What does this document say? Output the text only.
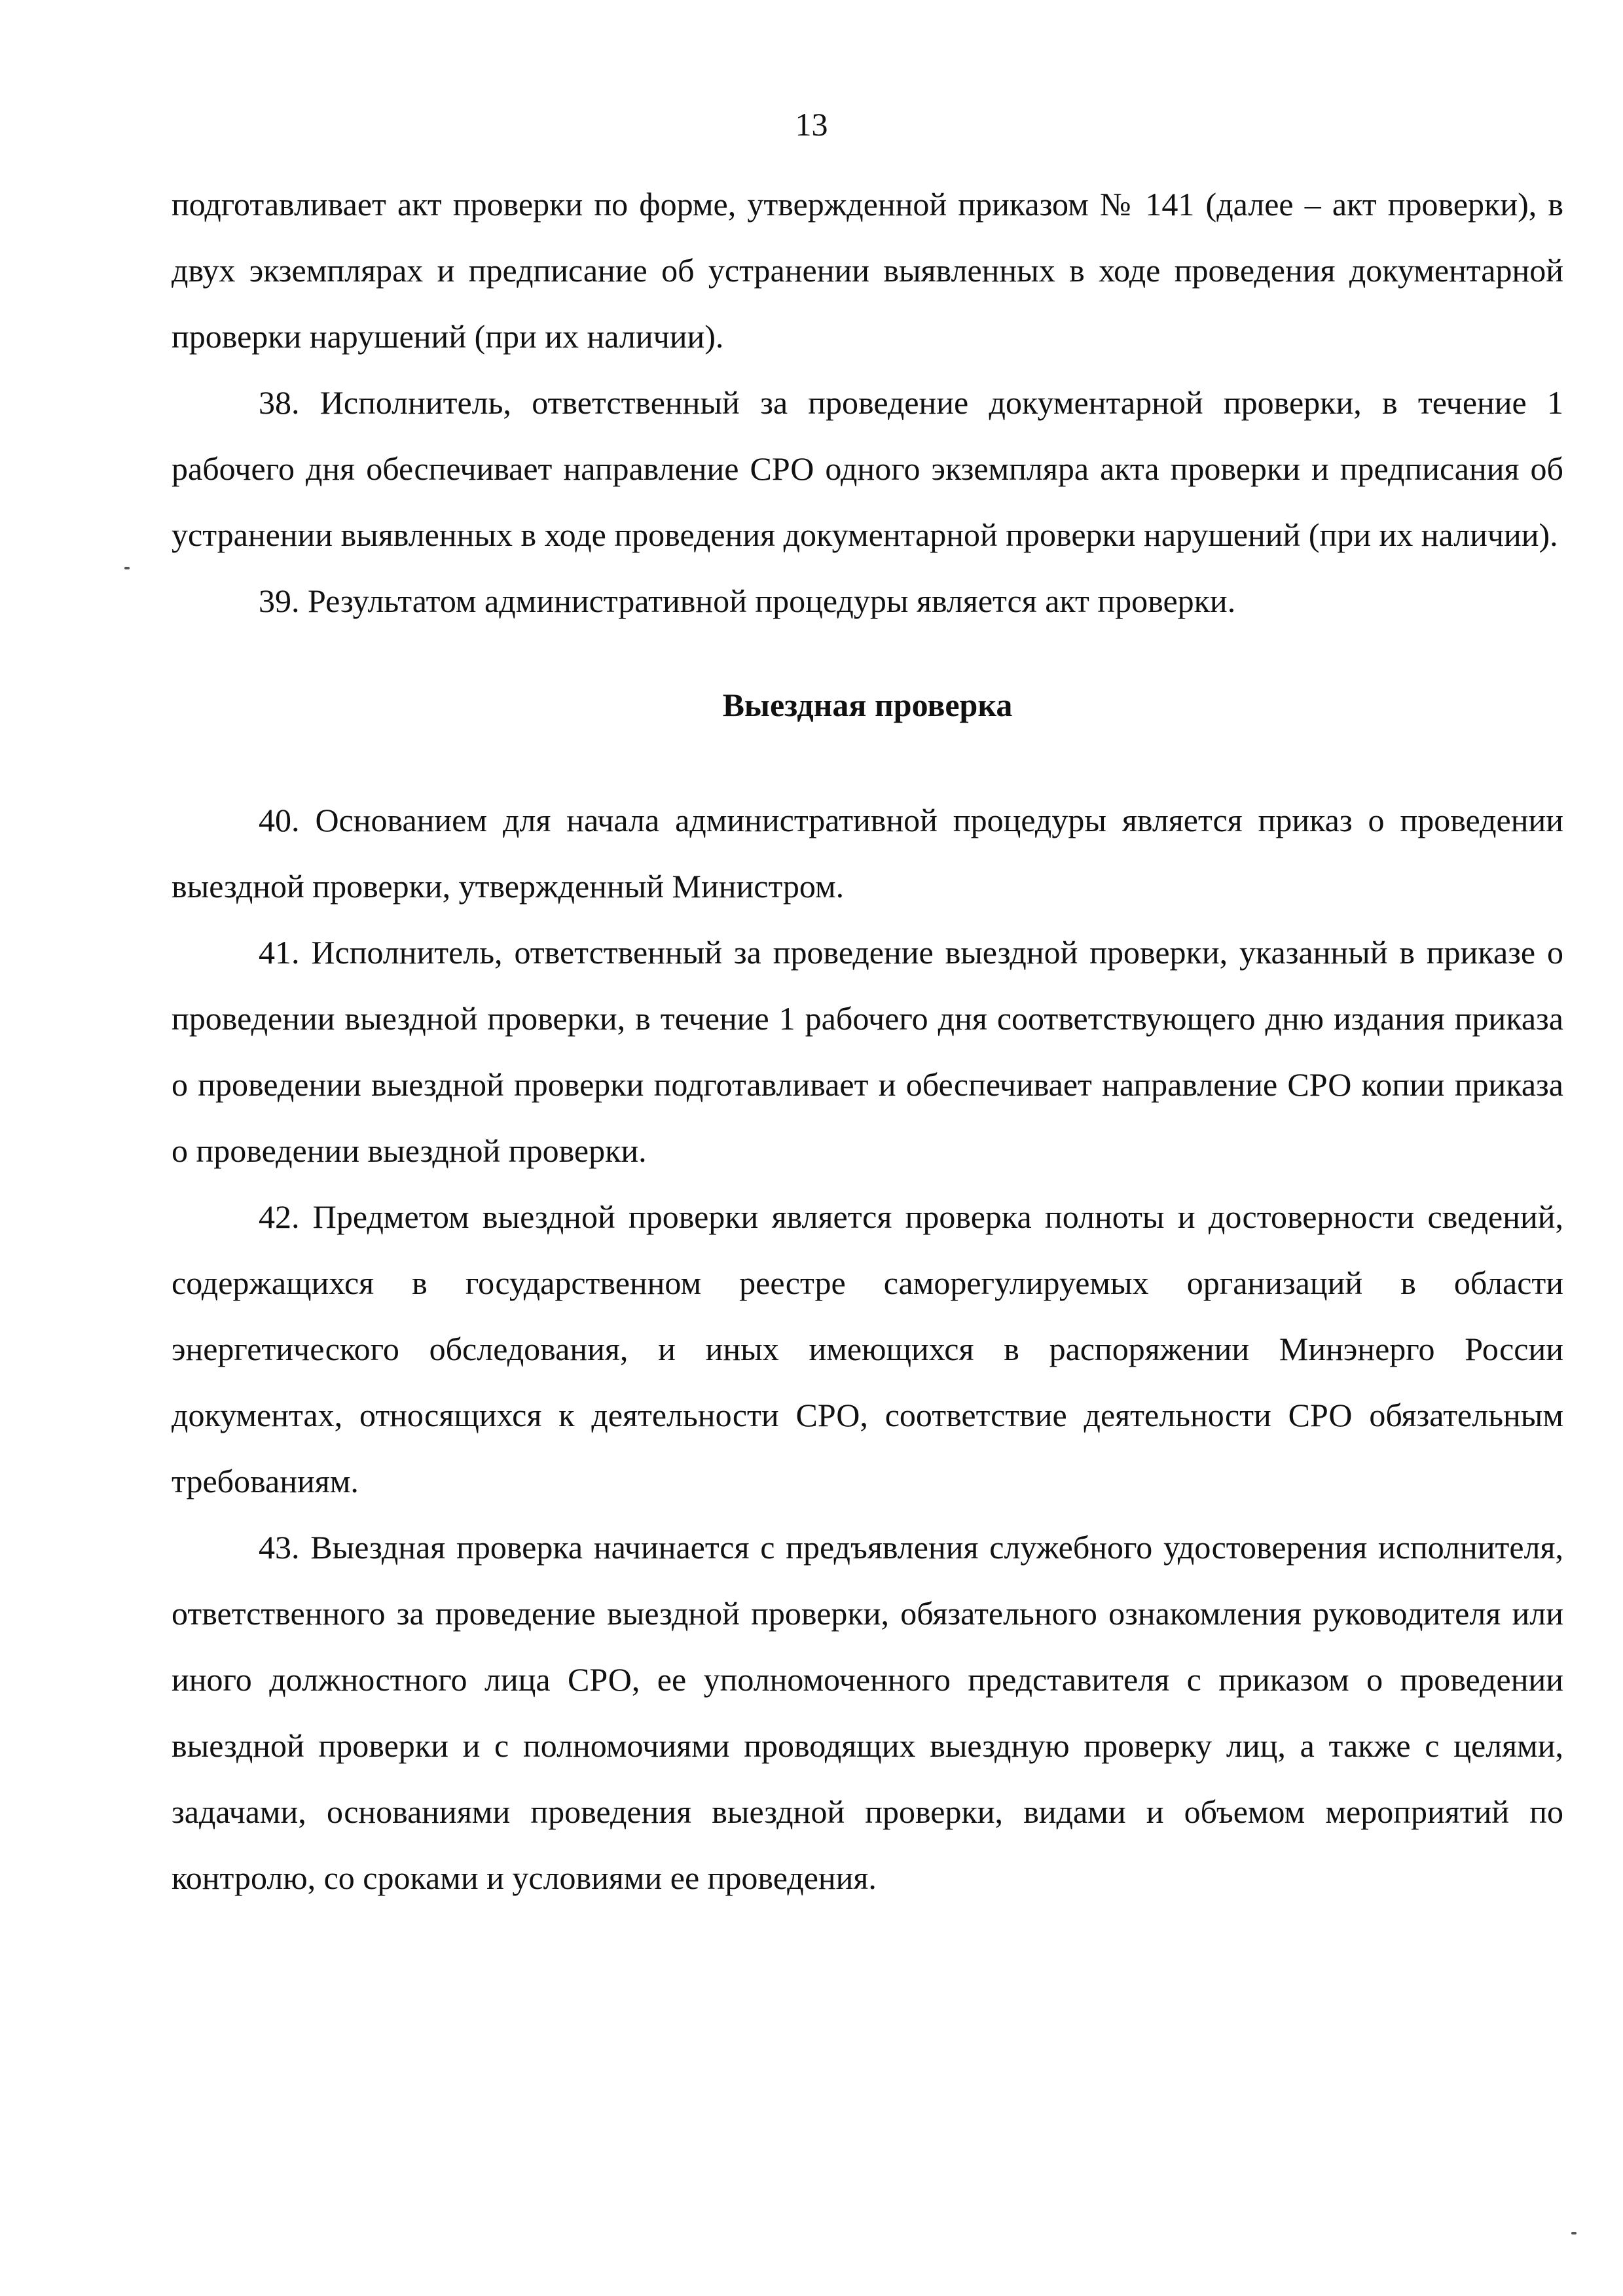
13

подготавливает акт проверки по форме, утвержденной приказом № 141 (далее – акт проверки), в двух экземплярах и предписание об устранении выявленных в ходе проведения документарной проверки нарушений (при их наличии).

38. Исполнитель, ответственный за проведение документарной проверки, в течение 1 рабочего дня обеспечивает направление СРО одного экземпляра акта проверки и предписания об устранении выявленных в ходе проведения документарной проверки нарушений (при их наличии).

39. Результатом административной процедуры является акт проверки.

Выездная проверка

40. Основанием для начала административной процедуры является приказ о проведении выездной проверки, утвержденный Министром.

41. Исполнитель, ответственный за проведение выездной проверки, указанный в приказе о проведении выездной проверки, в течение 1 рабочего дня соответствующего дню издания приказа о проведении выездной проверки подготавливает и обеспечивает направление СРО копии приказа о проведении выездной проверки.

42. Предметом выездной проверки является проверка полноты и достоверности сведений, содержащихся в государственном реестре саморегулируемых организаций в области энергетического обследования, и иных имеющихся в распоряжении Минэнерго России документах, относящихся к деятельности СРО, соответствие деятельности СРО обязательным требованиям.

43. Выездная проверка начинается с предъявления служебного удостоверения исполнителя, ответственного за проведение выездной проверки, обязательного ознакомления руководителя или иного должностного лица СРО, ее уполномоченного представителя с приказом о проведении выездной проверки и с полномочиями проводящих выездную проверку лиц, а также с целями, задачами, основаниями проведения выездной проверки, видами и объемом мероприятий по контролю, со сроками и условиями ее проведения.
